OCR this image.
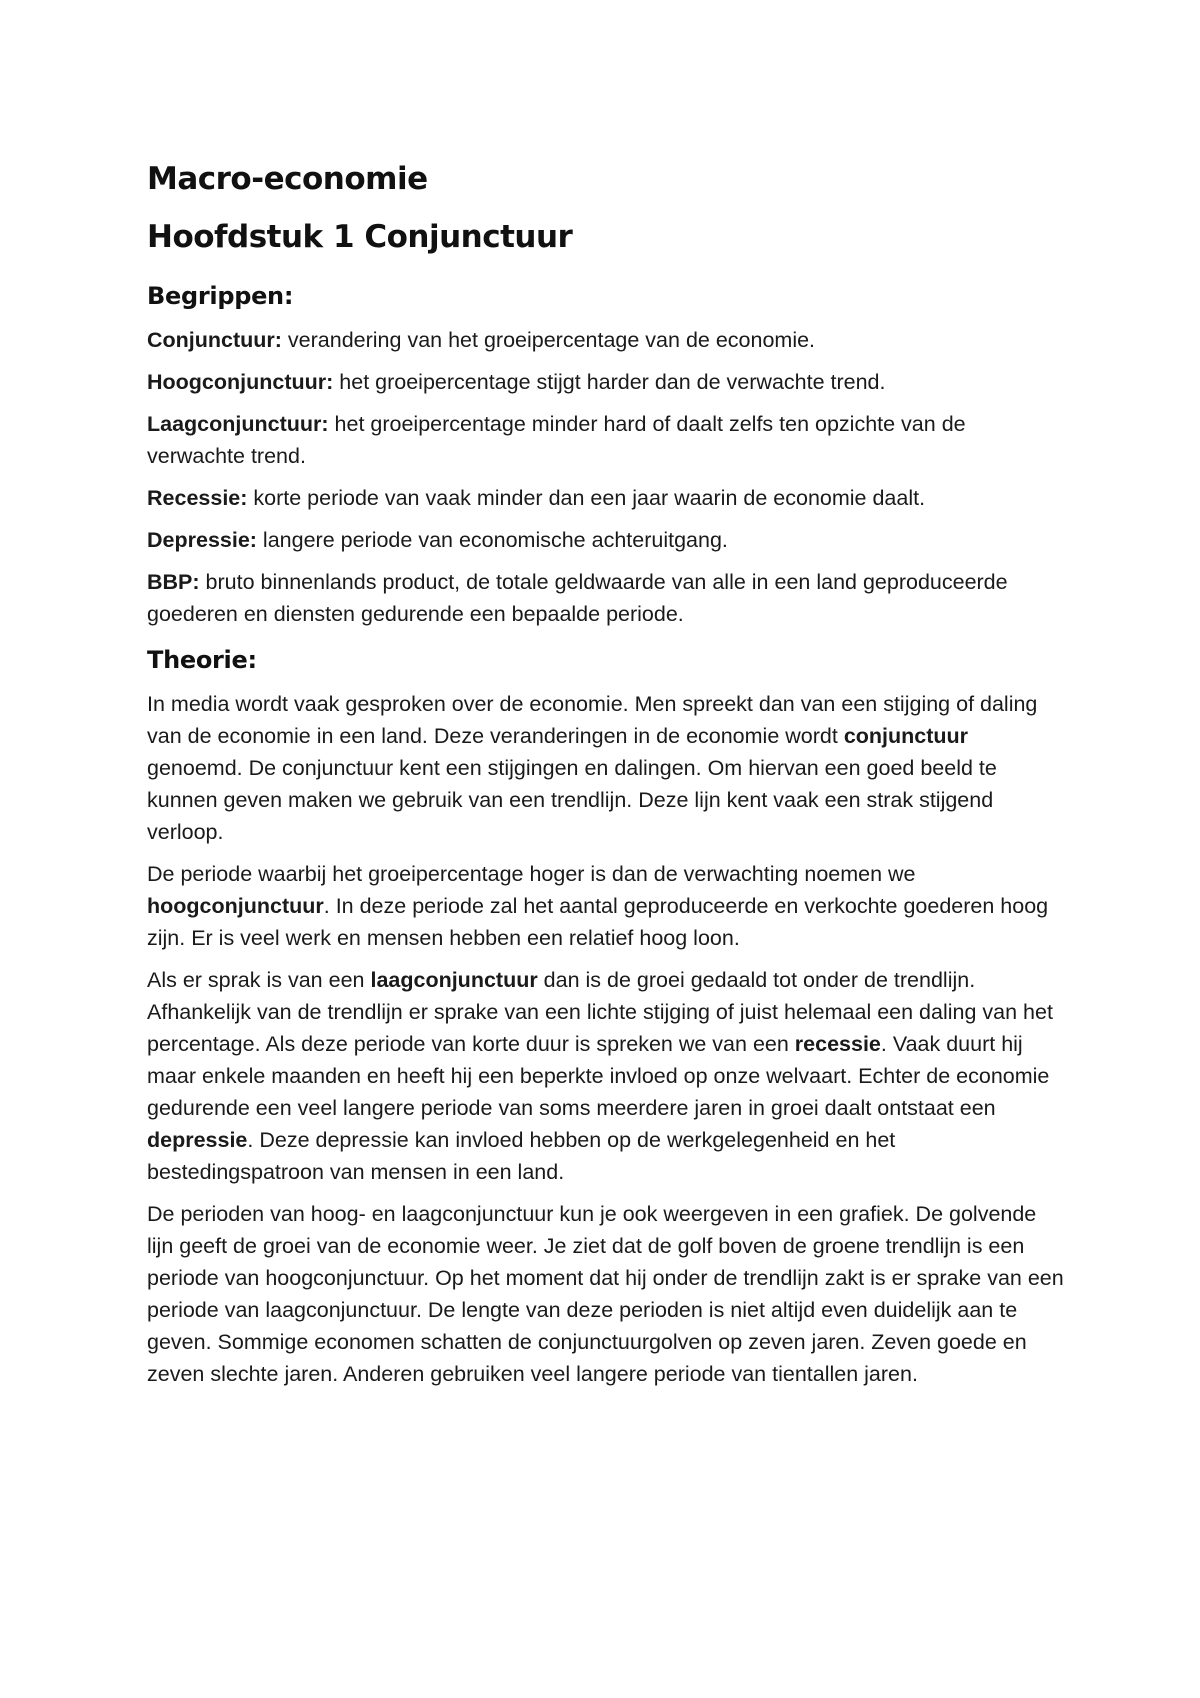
Macro-economie
Hoofdstuk 1 Conjunctuur
Begrippen:

Conjunctuur: verandering van het groeipercentage van de economie.

Hoogconjunctuur: het groeipercentage stijgt harder dan de verwachte trend.

Laagconjunctuur: het groeipercentage minder hard of daalt zelfs ten opzichte van de verwachte trend.

Recessie: korte periode van vaak minder dan een jaar waarin de economie daalt.

Depressie: langere periode van economische achteruitgang.

BBP: bruto binnenlands product, de totale geldwaarde van alle in een land geproduceerde goederen en diensten gedurende een bepaalde periode.

Theorie:

In media wordt vaak gesproken over de economie. Men spreekt dan van een stijging of daling van de economie in een land. Deze veranderingen in de economie wordt conjunctuur genoemd. De conjunctuur kent een stijgingen en dalingen. Om hiervan een goed beeld te kunnen geven maken we gebruik van een trendlijn. Deze lijn kent vaak een strak stijgend verloop.

De periode waarbij het groeipercentage hoger is dan de verwachting noemen we hoogconjunctuur. In deze periode zal het aantal geproduceerde en verkochte goederen hoog zijn. Er is veel werk en mensen hebben een relatief hoog loon.

Als er sprak is van een laagconjunctuur dan is de groei gedaald tot onder de trendlijn. Afhankelijk van de trendlijn er sprake van een lichte stijging of juist helemaal een daling van het percentage. Als deze periode van korte duur is spreken we van een recessie. Vaak duurt hij maar enkele maanden en heeft hij een beperkte invloed op onze welvaart. Echter de economie gedurende een veel langere periode van soms meerdere jaren in groei daalt ontstaat een depressie. Deze depressie kan invloed hebben op de werkgelegenheid en het bestedingspatroon van mensen in een land.

De perioden van hoog- en laagconjunctuur kun je ook weergeven in een grafiek. De golvende lijn geeft de groei van de economie weer. Je ziet dat de golf boven de groene trendlijn is een periode van hoogconjunctuur. Op het moment dat hij onder de trendlijn zakt is er sprake van een periode van laagconjunctuur. De lengte van deze perioden is niet altijd even duidelijk aan te geven. Sommige economen schatten de conjunctuurgolven op zeven jaren. Zeven goede en zeven slechte jaren. Anderen gebruiken veel langere periode van tientallen jaren.
